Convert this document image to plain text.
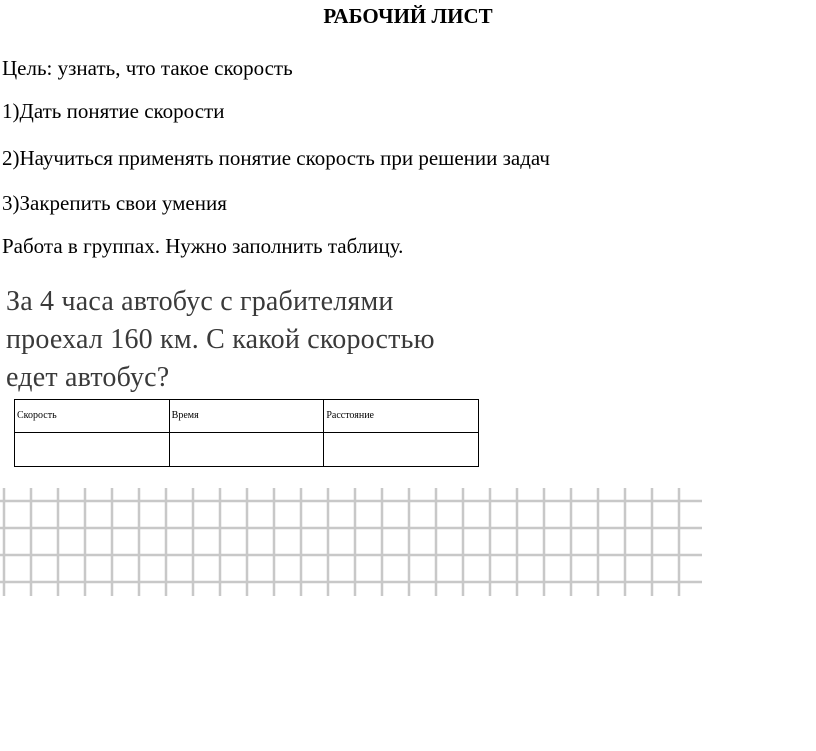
РАБОЧИЙ ЛИСТ
Цель: узнать, что такое скорость
1)Дать понятие скорости
2)Научиться применять понятие скорость при решении задач
3)Закрепить свои умения
Работа в группах. Нужно заполнить таблицу.
За 4 часа автобус с грабителями
проехал 160 км. С какой скоростью
едет автобус?
Скорость	Время	Расстояние
